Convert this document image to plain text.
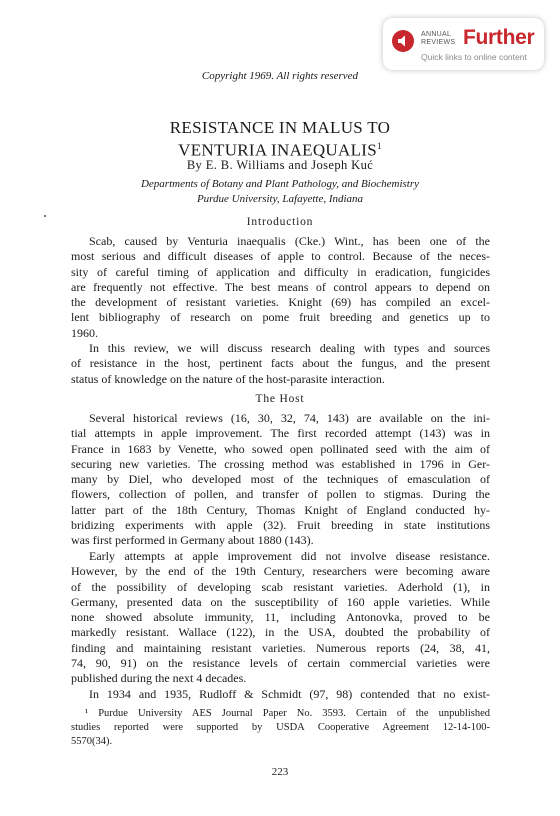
ANNUAL
REVIEWS Further
Quick links to online content
Copyright 1969. All rights reserved
RESISTANCE IN MALUS TO
VENTURIA INAEQUALIS$^1$
By E. B. Williams and Joseph Kuć
Departments of Botany and Plant Pathology, and Biochemistry
Purdue University, Lafayette, Indiana
Introduction
Scab, caused by Venturia inaequalis (Cke.) Wint., has been one of the
most serious and difficult diseases of apple to control. Because of the neces-
sity of careful timing of application and difficulty in eradication, fungicides
are frequently not effective. The best means of control appears to depend on
the development of resistant varieties. Knight (69) has compiled an excel-
lent bibliography of research on pome fruit breeding and genetics up to
1960.
In this review, we will discuss research dealing with types and sources
of resistance in the host, pertinent facts about the fungus, and the present
status of knowledge on the nature of the host-parasite interaction.
The Host
Several historical reviews (16, 30, 32, 74, 143) are available on the ini-
tial attempts in apple improvement. The first recorded attempt (143) was in
France in 1683 by Venette, who sowed open pollinated seed with the aim of
securing new varieties. The crossing method was established in 1796 in Ger-
many by Diel, who developed most of the techniques of emasculation of
flowers, collection of pollen, and transfer of pollen to stigmas. During the
latter part of the 18th Century, Thomas Knight of England conducted hy-
bridizing experiments with apple (32). Fruit breeding in state institutions
was first performed in Germany about 1880 (143).
Early attempts at apple improvement did not involve disease resistance.
However, by the end of the 19th Century, researchers were becoming aware
of the possibility of developing scab resistant varieties. Aderhold (1), in
Germany, presented data on the susceptibility of 160 apple varieties. While
none showed absolute immunity, 11, including Antonovka, proved to be
markedly resistant. Wallace (122), in the USA, doubted the probability of
finding and maintaining resistant varieties. Numerous reports (24, 38, 41,
74, 90, 91) on the resistance levels of certain commercial varieties were
published during the next 4 decades.
In 1934 and 1935, Rudloff & Schmidt (97, 98) contended that no exist-
¹ Purdue University AES Journal Paper No. 3593. Certain of the unpublished
studies reported were supported by USDA Cooperative Agreement 12-14-100-
5570(34).
223
